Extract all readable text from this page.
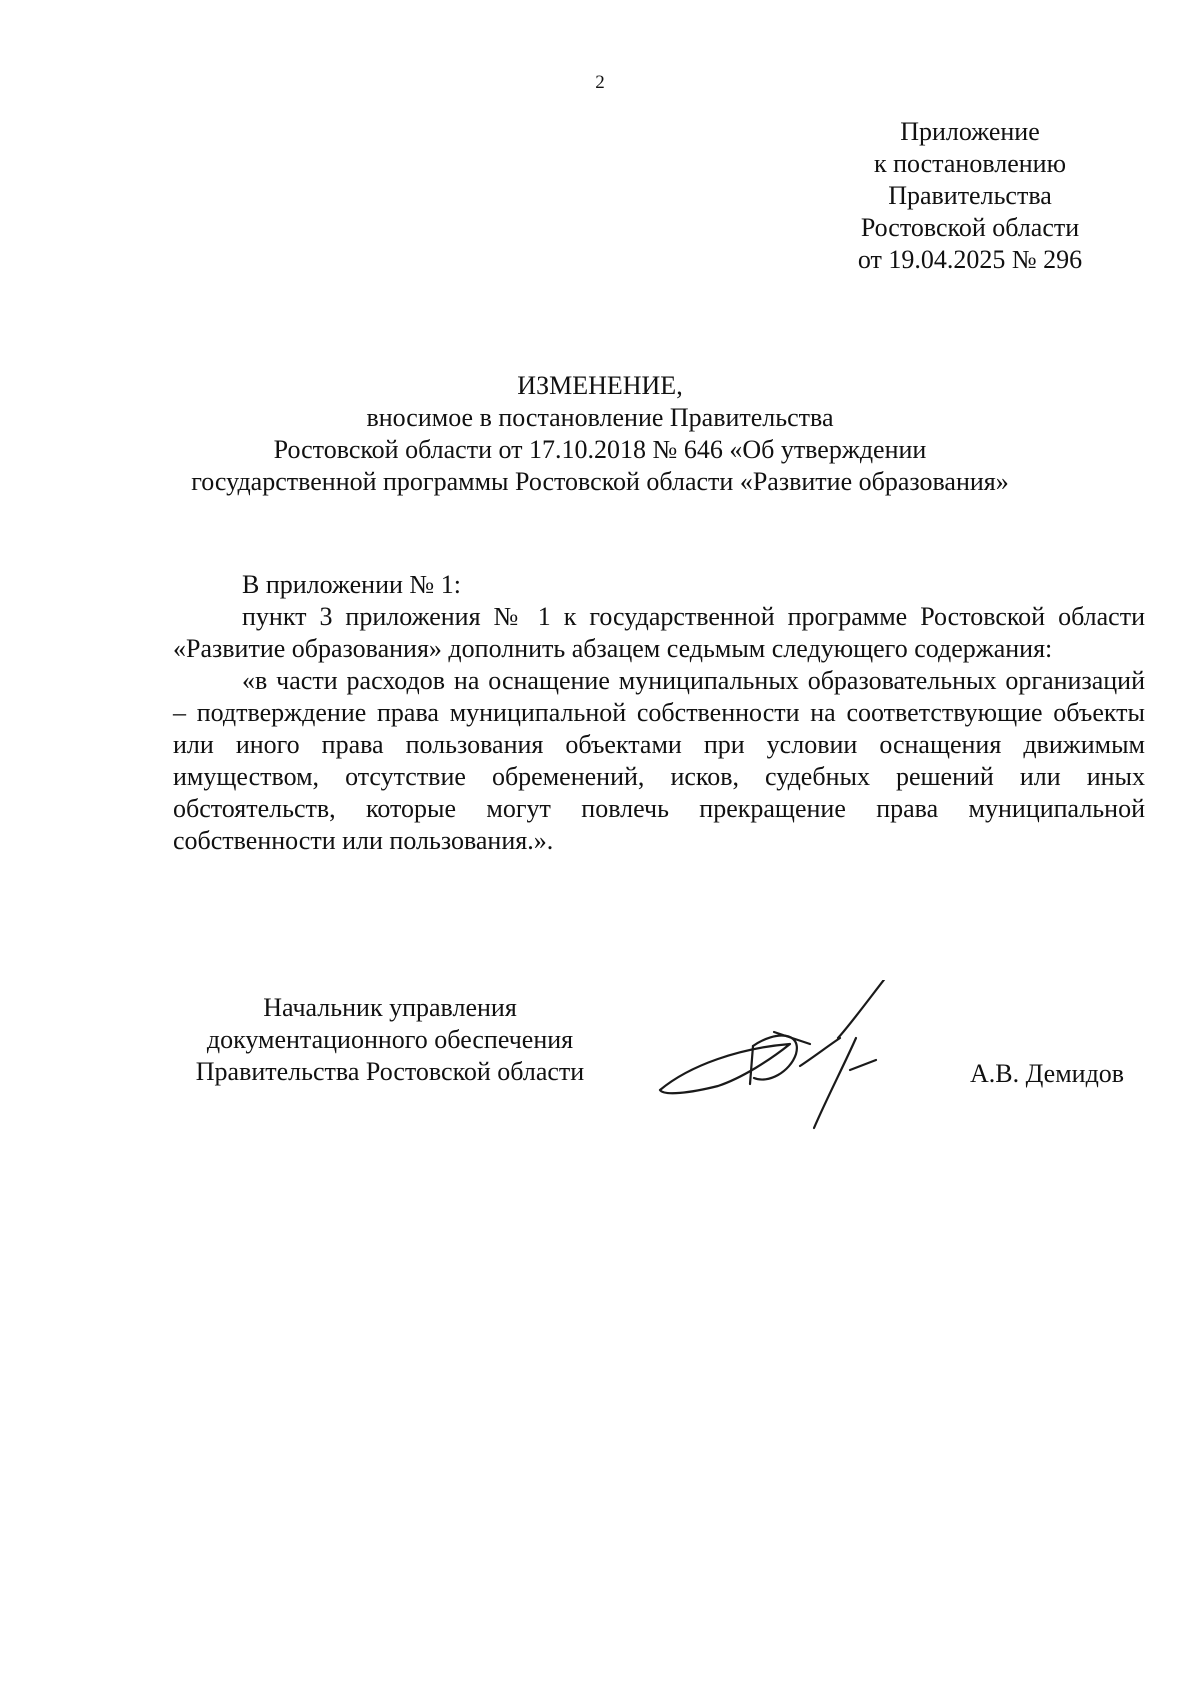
2
Приложение
к постановлению
Правительства
Ростовской области
от 19.04.2025 № 296
ИЗМЕНЕНИЕ,
вносимое в постановление Правительства
Ростовской области от 17.10.2018 № 646 «Об утверждении
государственной программы Ростовской области «Развитие образования»

В приложении № 1:

пункт 3 приложения № 1 к государственной программе Ростовской области «Развитие образования» дополнить абзацем седьмым следующего содержания:

«в части расходов на оснащение муниципальных образовательных организаций – подтверждение права муниципальной собственности на соответствующие объекты или иного права пользования объектами при условии оснащения движимым имуществом, отсутствие обременений, исков, судебных решений или иных обстоятельств, которые могут повлечь прекращение права муниципальной собственности или пользования.».

Начальник управления
документационного обеспечения
Правительства Ростовской области	А.В. Демидов
